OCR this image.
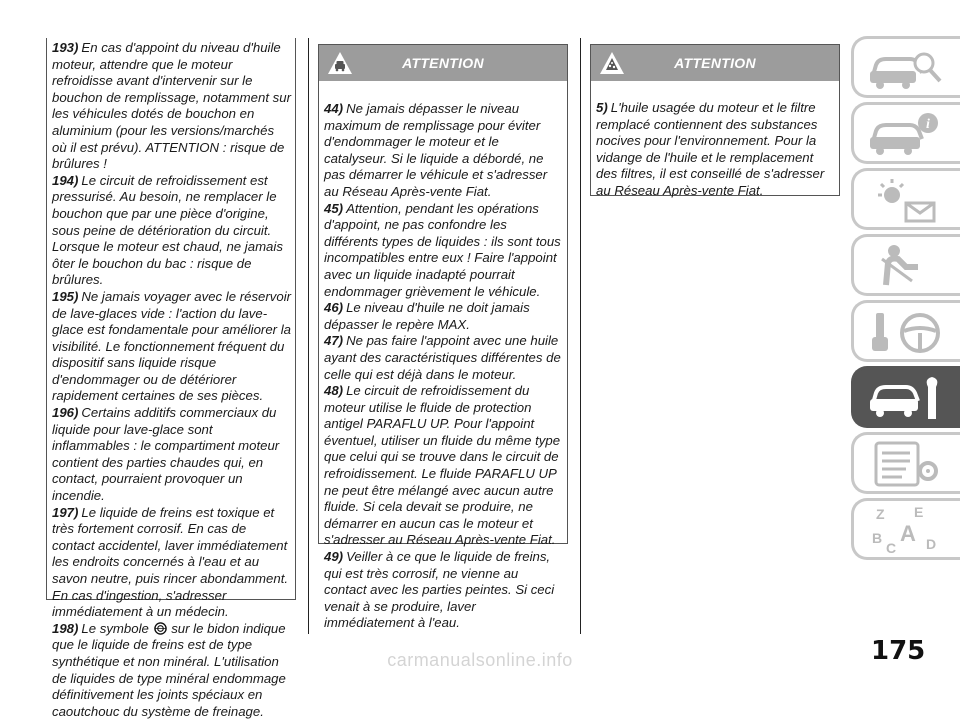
193) En cas d'appoint du niveau d'huile moteur, attendre que le moteur refroidisse avant d'intervenir sur le bouchon de remplissage, notamment sur les véhicules dotés de bouchon en aluminium (pour les versions/marchés où il est prévu). ATTENTION : risque de brûlures !

194) Le circuit de refroidissement est pressurisé. Au besoin, ne remplacer le bouchon que par une pièce d'origine, sous peine de détérioration du circuit. Lorsque le moteur est chaud, ne jamais ôter le bouchon du bac : risque de brûlures.

195) Ne jamais voyager avec le réservoir de lave-glaces vide : l'action du lave-glace est fondamentale pour améliorer la visibilité. Le fonctionnement fréquent du dispositif sans liquide risque d'endommager ou de détériorer rapidement certaines de ses pièces.

196) Certains additifs commerciaux du liquide pour lave-glace sont inflammables : le compartiment moteur contient des parties chaudes qui, en contact, pourraient provoquer un incendie.

197) Le liquide de freins est toxique et très fortement corrosif. En cas de contact accidentel, laver immédiatement les endroits concernés à l'eau et au savon neutre, puis rincer abondamment. En cas d'ingestion, s'adresser immédiatement à un médecin.

198) Le symbole sur le bidon indique que le liquide de freins est de type synthétique et non minéral. L'utilisation de liquides de type minéral endommage définitivement les joints spéciaux en caoutchouc du système de freinage.

ATTENTION

44) Ne jamais dépasser le niveau maximum de remplissage pour éviter d'endommager le moteur et le catalyseur. Si le liquide a débordé, ne pas démarrer le véhicule et s'adresser au Réseau Après-vente Fiat.

45) Attention, pendant les opérations d'appoint, ne pas confondre les différents types de liquides : ils sont tous incompatibles entre eux ! Faire l'appoint avec un liquide inadapté pourrait endommager grièvement le véhicule.

46) Le niveau d'huile ne doit jamais dépasser le repère MAX.

47) Ne pas faire l'appoint avec une huile ayant des caractéristiques différentes de celle qui est déjà dans le moteur.

48) Le circuit de refroidissement du moteur utilise le fluide de protection antigel PARAFLU UP. Pour l'appoint éventuel, utiliser un fluide du même type que celui qui se trouve dans le circuit de refroidissement. Le fluide PARAFLU UP ne peut être mélangé avec aucun autre fluide. Si cela devait se produire, ne démarrer en aucun cas le moteur et s'adresser au Réseau Après-vente Fiat.

49) Veiller à ce que le liquide de freins, qui est très corrosif, ne vienne au contact avec les parties peintes. Si ceci venait à se produire, laver immédiatement à l'eau.

ATTENTION

5) L'huile usagée du moteur et le filtre remplacé contiennent des substances nocives pour l'environnement. Pour la vidange de l'huile et le remplacement des filtres, il est conseillé de s'adresser au Réseau Après-vente Fiat.

i
Z E
B A
C D
175
carmanualsonline.info
